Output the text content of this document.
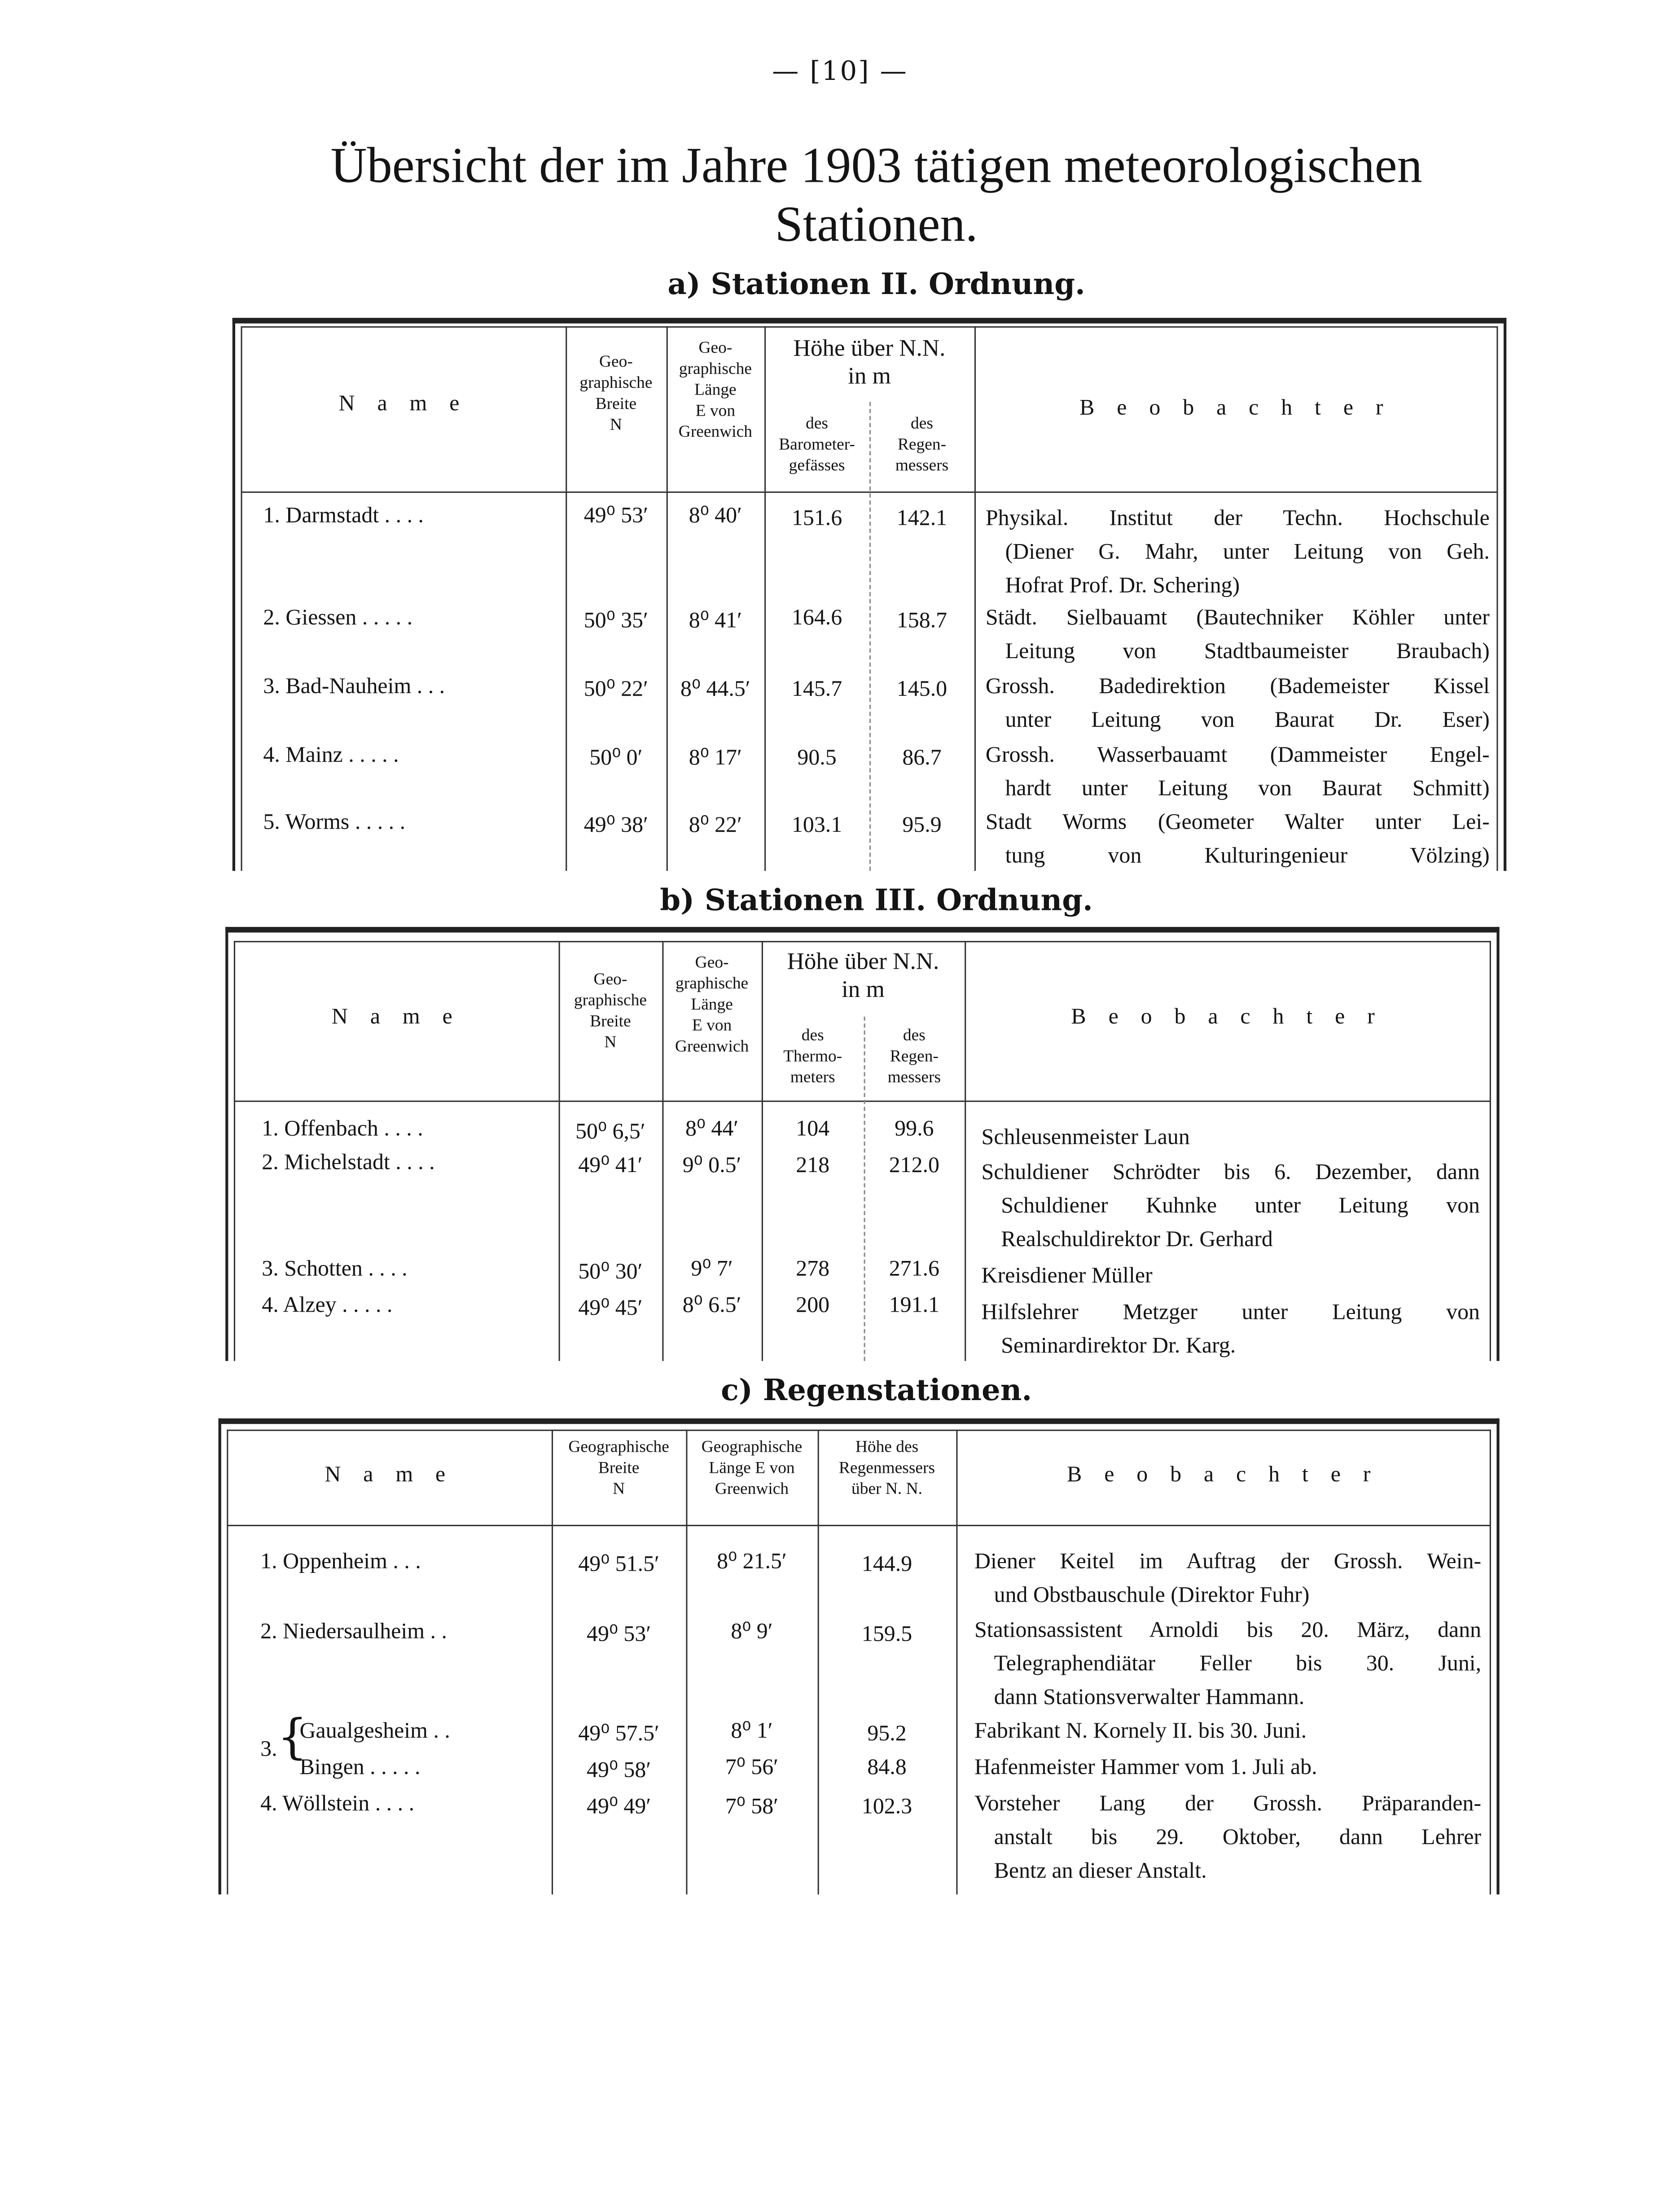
— [10] —
Übersicht der im Jahre 1903 tätigen meteorologischen
Stationen.
a) Stationen II. Ordnung.
N a m e
Geo-
graphische
Breite
N
Geo-
graphische
Länge
E von
Greenwich
Höhe über N.N.
in m
des
Barometer-
gefässes
des
Regen-
messers
B e o b a c h t e r
1. Darmstadt . . . .	49⁰ 53′	8⁰ 40′	151.6	142.1	Physikal. Institut der Techn. Hochschule
(Diener G. Mahr, unter Leitung von Geh.
Hofrat Prof. Dr. Schering)
2. Giessen . . . . .	50⁰ 35′	8⁰ 41′	164.6	158.7	Städt. Sielbauamt (Bautechniker Köhler unter
Leitung von Stadtbaumeister Braubach)
3. Bad-Nauheim . . .	50⁰ 22′	8⁰ 44.5′	145.7	145.0	Grossh. Badedirektion (Bademeister Kissel
unter Leitung von Baurat Dr. Eser)
4. Mainz . . . . .	50⁰ 0′	8⁰ 17′	90.5	86.7	Grossh. Wasserbauamt (Dammeister Engel-
hardt unter Leitung von Baurat Schmitt)
5. Worms . . . . .	49⁰ 38′	8⁰ 22′	103.1	95.9	Stadt Worms (Geometer Walter unter Lei-
tung von Kulturingenieur Völzing)
b) Stationen III. Ordnung.
N a m e
Geo-
graphische
Breite
N
Geo-
graphische
Länge
E von
Greenwich
Höhe über N.N.
in m
des
Thermo-
meters
des
Regen-
messers
B e o b a c h t e r
1. Offenbach . . . .	50⁰ 6,5′	8⁰ 44′	104	99.6	Schleusenmeister Laun
2. Michelstadt . . . .	49⁰ 41′	9⁰ 0.5′	218	212.0	Schuldiener Schrödter bis 6. Dezember, dann
Schuldiener Kuhnke unter Leitung von
Realschuldirektor Dr. Gerhard
3. Schotten . . . .	50⁰ 30′	9⁰ 7′	278	271.6	Kreisdiener Müller
4. Alzey . . . . .	49⁰ 45′	8⁰ 6.5′	200	191.1	Hilfslehrer Metzger unter Leitung von
Seminardirektor Dr. Karg.
c) Regenstationen.
N a m e
Geographische
Breite
N
Geographische
Länge E von
Greenwich
Höhe des
Regenmessers
über N. N.
B e o b a c h t e r
1. Oppenheim . . .	49⁰ 51.5′	8⁰ 21.5′	144.9	Diener Keitel im Auftrag der Grossh. Wein-
und Obstbauschule (Direktor Fuhr)
2. Niedersaulheim . .	49⁰ 53′	8⁰ 9′	159.5	Stationsassistent Arnoldi bis 20. März, dann
Telegraphendiätar Feller bis 30. Juni,
dann Stationsverwalter Hammann.
3. {
Gaualgesheim . .	49⁰ 57.5′	8⁰ 1′	95.2	Fabrikant N. Kornely II. bis 30. Juni.
Bingen . . . . .	49⁰ 58′	7⁰ 56′	84.8	Hafenmeister Hammer vom 1. Juli ab.
4. Wöllstein . . . .	49⁰ 49′	7⁰ 58′	102.3	Vorsteher Lang der Grossh. Präparanden-
anstalt bis 29. Oktober, dann Lehrer
Bentz an dieser Anstalt.
